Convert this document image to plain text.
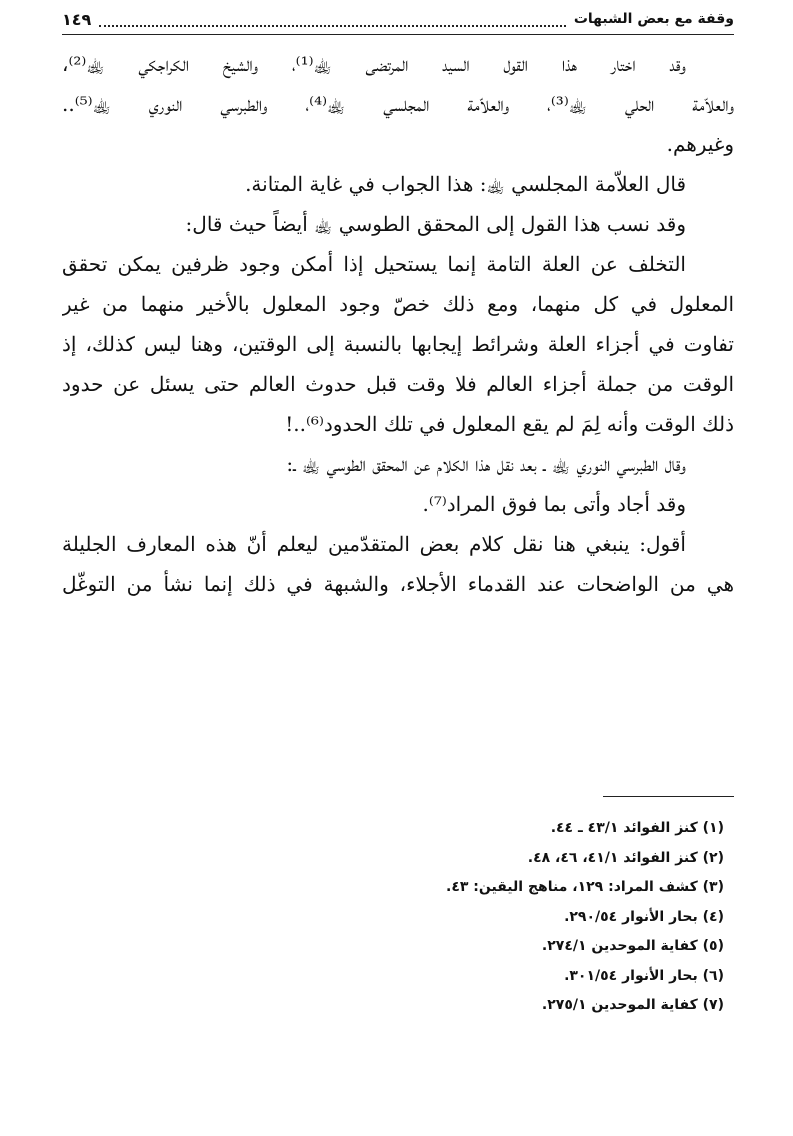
وقفة مع بعض الشبهات
١٤٩
وقد اختار هذا القول السيد المرتضى ﵀⁽¹⁾، والشيخ الكراجكي ﵀⁽²⁾،
والعلاّمة الحلي ﵀⁽³⁾، والعلاّمة المجلسي ﵀⁽⁴⁾، والطبرسي النوري ﵀⁽⁵⁾..
وغيرهم.
قال العلاّمة المجلسي ﵀: هذا الجواب في غاية المتانة.
وقد نسب هذا القول إلى المحقق الطوسي ﵀ أيضاً حيث قال:
التخلف عن العلة التامة إنما يستحيل إذا أمكن وجود ظرفين يمكن تحقق
المعلول في كل منهما، ومع ذلك خصّ وجود المعلول بالأخير منهما من غير
تفاوت في أجزاء العلة وشرائط إيجابها بالنسبة إلى الوقتين، وهنا ليس كذلك، إذ
الوقت من جملة أجزاء العالم فلا وقت قبل حدوث العالم حتى يسئل عن حدود
ذلك الوقت وأنه لِمَ لم يقع المعلول في تلك الحدود⁽⁶⁾..!
وقال الطبرسي النوري ﵀ ـ بعد نقل هذا الكلام عن المحقق الطوسي ﵀ ـ:
وقد أجاد وأتى بما فوق المراد⁽⁷⁾.
أقول: ينبغي هنا نقل كلام بعض المتقدّمين ليعلم أنّ هذه المعارف الجليلة
هي من الواضحات عند القدماء الأجلاء، والشبهة في ذلك إنما نشأ من التوغّل
(١) كنز الفوائد ٤٣/١ ـ ٤٤.
(٢) كنز الفوائد ٤١/١، ٤٦، ٤٨.
(٣) كشف المراد: ١٢٩، مناهج اليقين: ٤٣.
(٤) بحار الأنوار ٢٩٠/٥٤.
(٥) كفاية الموحدين ٢٧٤/١.
(٦) بحار الأنوار ٣٠١/٥٤.
(٧) كفاية الموحدين ٢٧٥/١.
